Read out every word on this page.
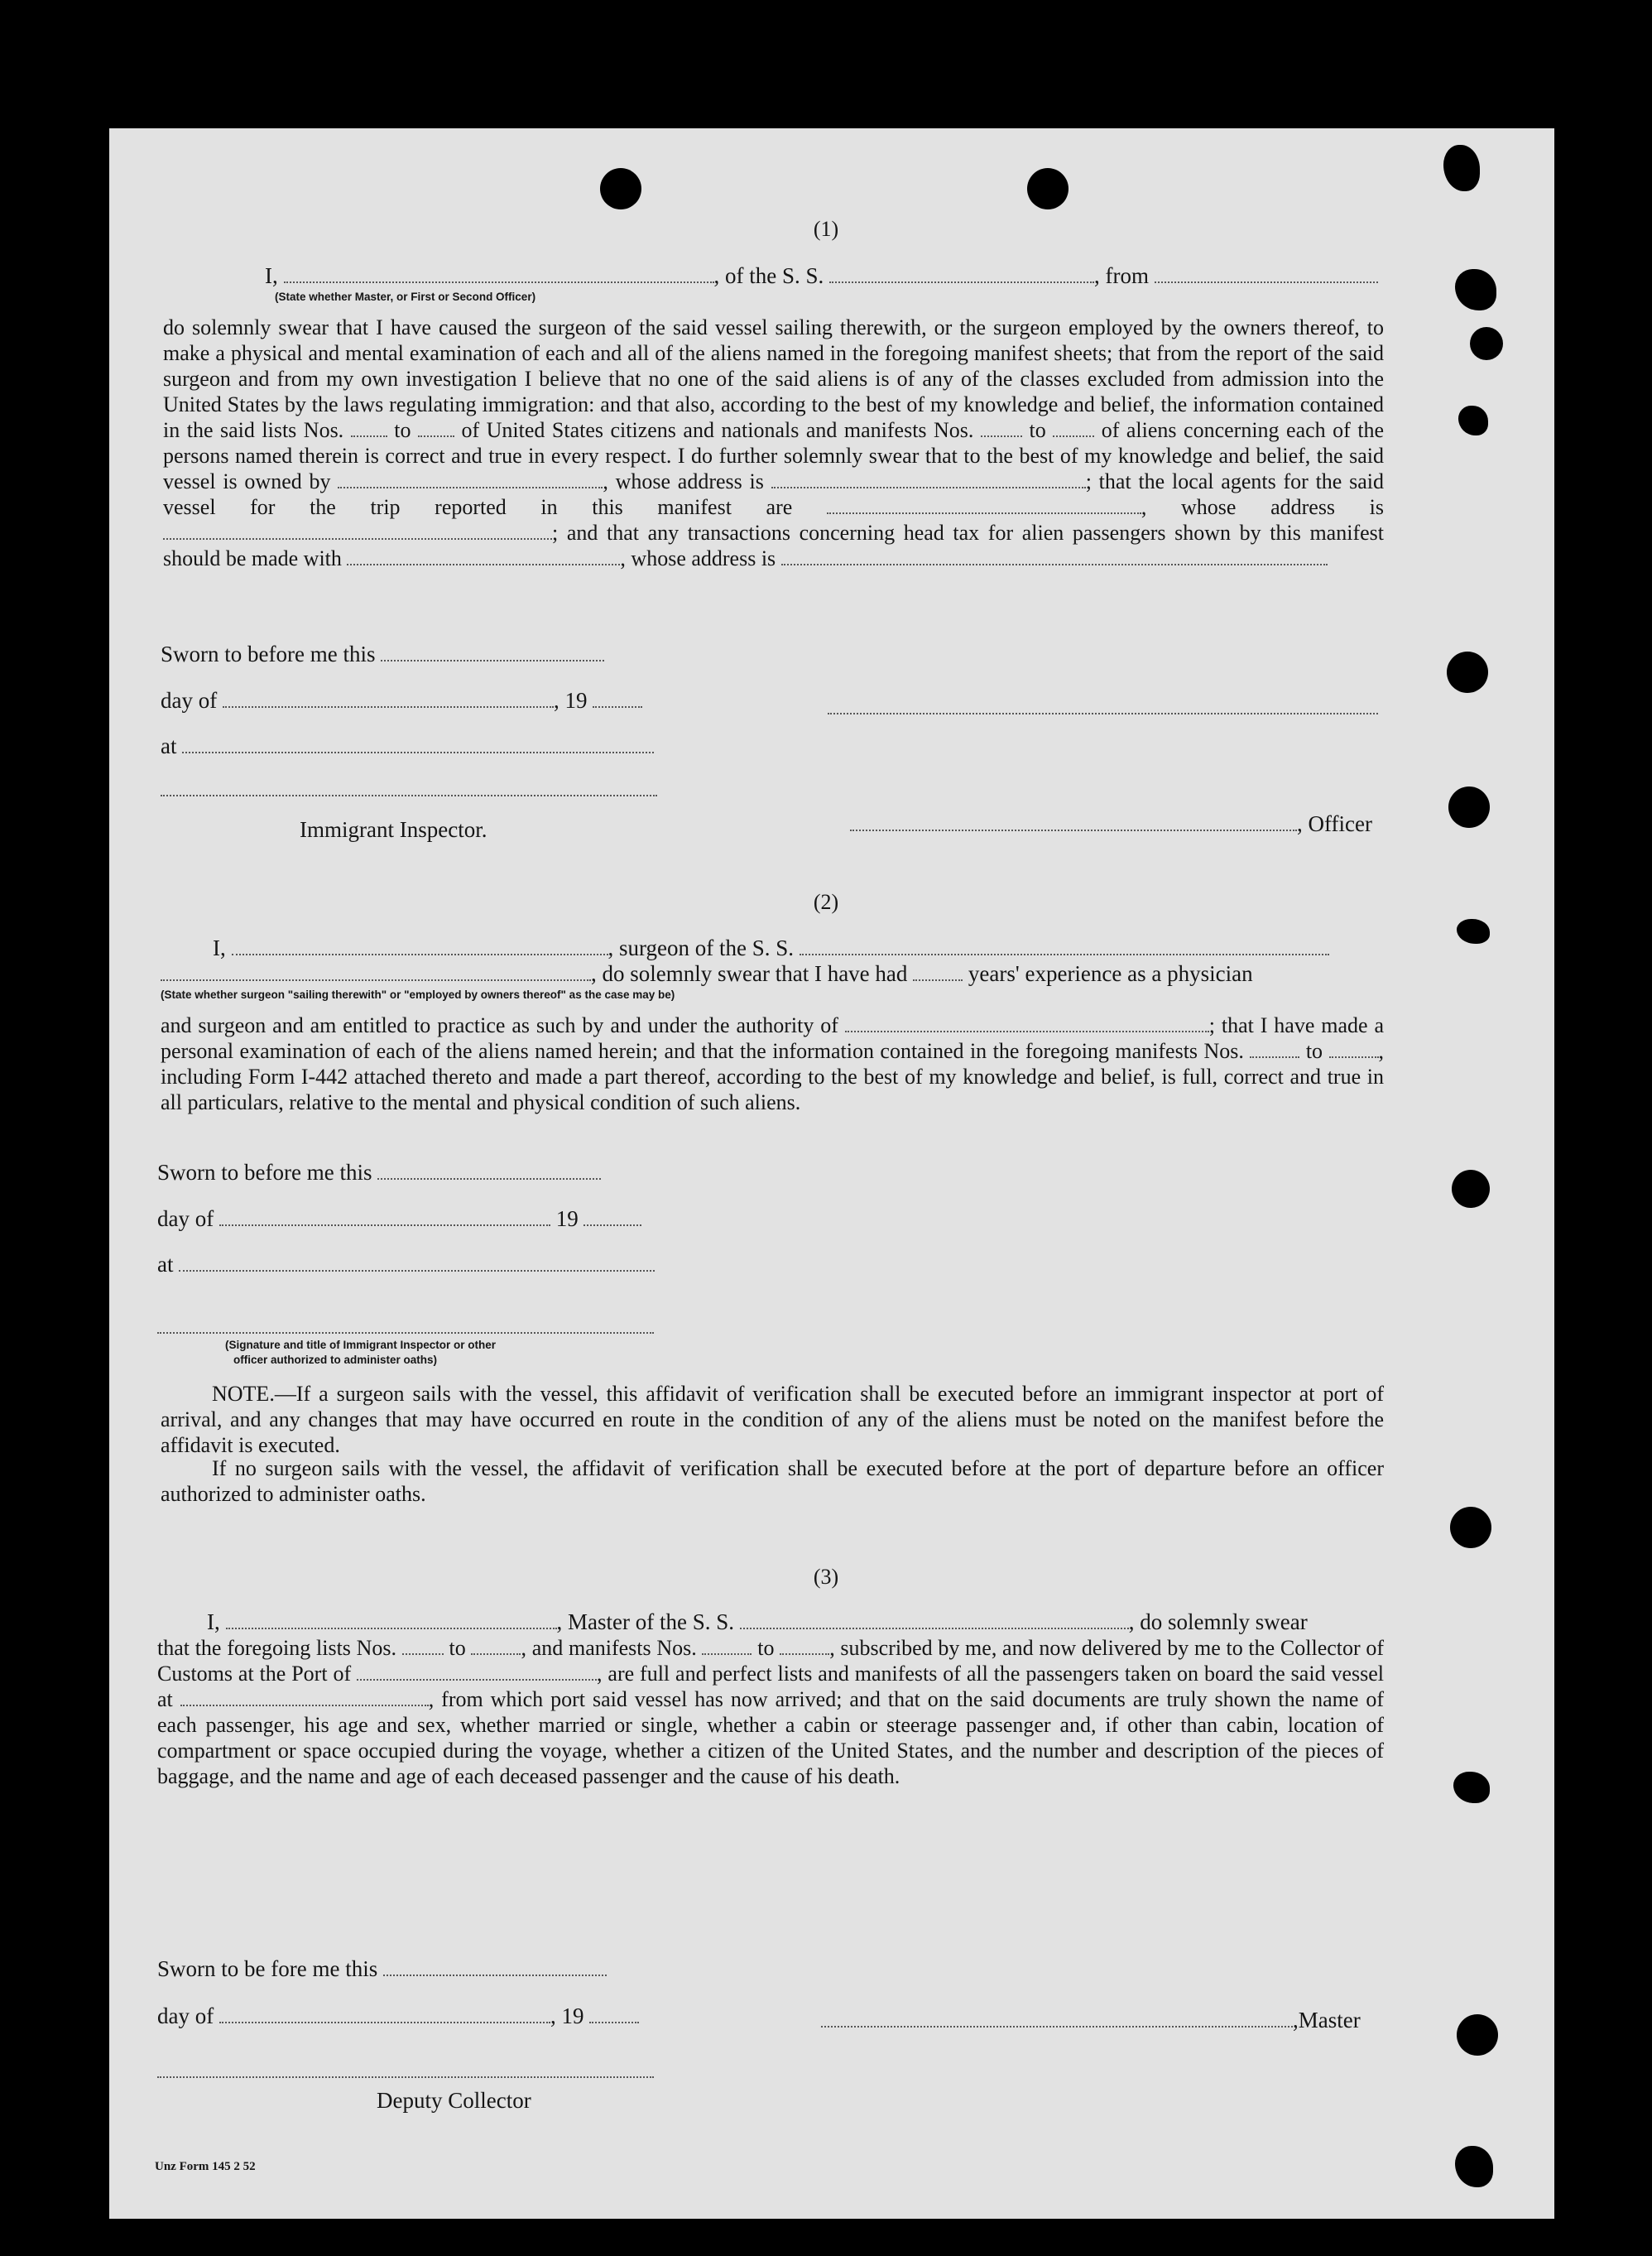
(1)
I,	, of the S. S.	, from
(State whether Master, or First or Second Officer)
do solemnly swear that I have caused the surgeon of the said vessel sailing therewith, or the surgeon employed by the owners thereof, to make a physical and mental examination of each and all of the aliens named in the foregoing manifest sheets; that from the report of the said surgeon and from my own investigation I believe that no one of the said aliens is of any of the classes excluded from admission into the United States by the laws regulating immigration: and that also, according to the best of my knowledge and belief, the information contained in the said lists Nos. to of United States citizens and nationals and manifests Nos.	to	of aliens concerning each of the persons named therein is correct and true in every respect. I do further solemnly swear that to the best of my knowledge and belief, the said vessel is owned by	, whose address is	; that the local agents for the said vessel for the trip reported in this manifest are	, whose address is ; and that any transactions concerning head tax for alien passengers shown by this manifest should be made with	, whose address is
Sworn to before me this
day of	, 19
at
Immigrant Inspector.	, Officer
(2)
I,	, surgeon of the S. S.
, do solemnly swear that I have had	years' experience as a physician
(State whether surgeon "sailing therewith" or "employed by owners thereof" as the case may be)
and surgeon and am entitled to practice as such by and under the authority of	; that I have made a personal examination of each of the aliens named herein; and that the information contained in the foregoing manifests Nos.	to	, including Form I-442 attached thereto and made a part thereof, according to the best of my knowledge and belief, is full, correct and true in all particulars, relative to the mental and physical condition of such aliens.
Sworn to before me this
day of	19
at
(Signature and title of Immigrant Inspector or other
officer authorized to administer oaths)
NOTE.—If a surgeon sails with the vessel, this affidavit of verification shall be executed before an immigrant inspector at port of arrival, and any changes that may have occurred en route in the condition of any of the aliens must be noted on the manifest before the affidavit is executed.
If no surgeon sails with the vessel, the affidavit of verification shall be executed before at the port of departure before an officer authorized to administer oaths.
(3)
I,	, Master of the S. S.	, do solemnly swear
that the foregoing lists Nos. to	, and manifests Nos.	to	, subscribed by me, and now delivered by me to the Collector of Customs at the Port of	, are full and perfect lists and manifests of all the passengers taken on board the said vessel at	, from which port said vessel has now arrived; and that on the said documents are truly shown the name of each passenger, his age and sex, whether married or single, whether a cabin or steerage passenger and, if other than cabin, location of compartment or space occupied during the voyage, whether a citizen of the United States, and the number and description of the pieces of baggage, and the name and age of each deceased passenger and the cause of his death.
Sworn to be fore me this
day of	, 19	,Master
Deputy Collector
Unz Form 145 2 52
